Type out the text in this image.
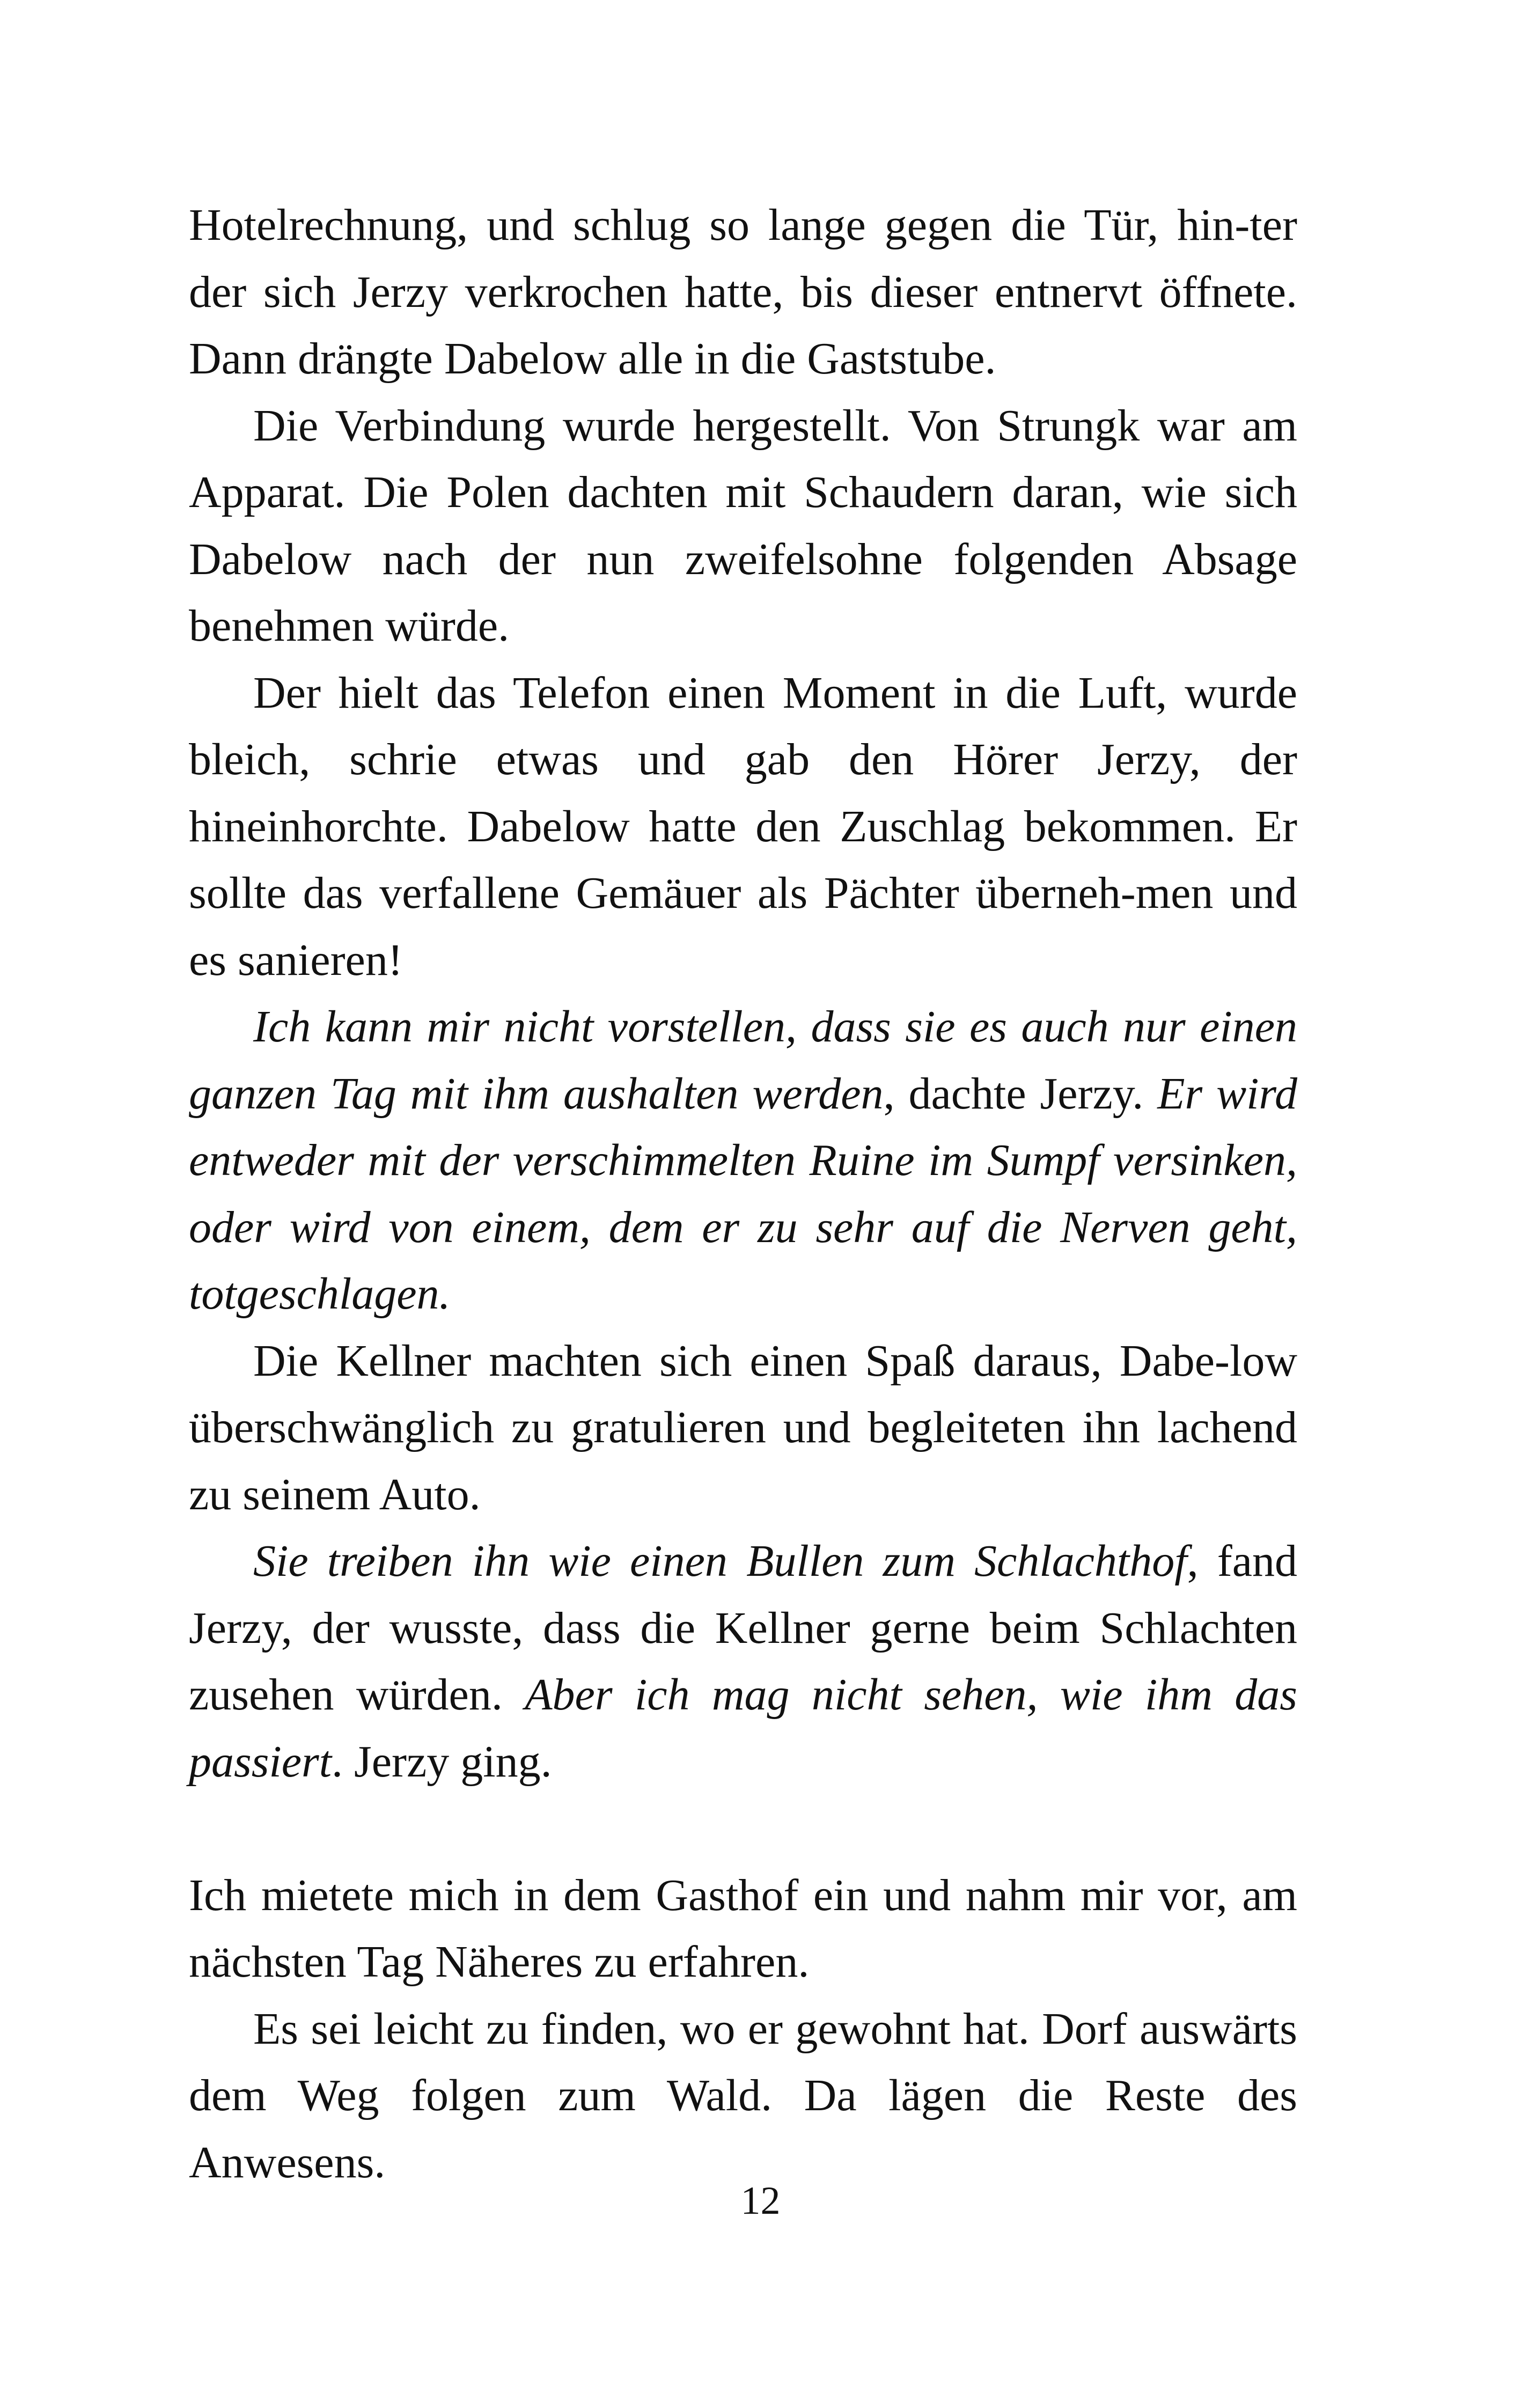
Hotelrechnung, und schlug so lange gegen die Tür, hin-ter der sich Jerzy verkrochen hatte, bis dieser entnervt öffnete. Dann drängte Dabelow alle in die Gaststube.

Die Verbindung wurde hergestellt. Von Strungk war am Apparat. Die Polen dachten mit Schaudern daran, wie sich Dabelow nach der nun zweifelsohne folgenden Absage benehmen würde.

Der hielt das Telefon einen Moment in die Luft, wurde bleich, schrie etwas und gab den Hörer Jerzy, der hineinhorchte. Dabelow hatte den Zuschlag bekommen. Er sollte das verfallene Gemäuer als Pächter überneh-men und es sanieren!

Ich kann mir nicht vorstellen, dass sie es auch nur einen ganzen Tag mit ihm aushalten werden, dachte Jerzy. Er wird entweder mit der verschimmelten Ruine im Sumpf versinken, oder wird von einem, dem er zu sehr auf die Nerven geht, totgeschlagen.

Die Kellner machten sich einen Spaß daraus, Dabe-low überschwänglich zu gratulieren und begleiteten ihn lachend zu seinem Auto.

Sie treiben ihn wie einen Bullen zum Schlachthof, fand Jerzy, der wusste, dass die Kellner gerne beim Schlachten zusehen würden. Aber ich mag nicht sehen, wie ihm das passiert. Jerzy ging.

Ich mietete mich in dem Gasthof ein und nahm mir vor, am nächsten Tag Näheres zu erfahren.

Es sei leicht zu finden, wo er gewohnt hat. Dorf auswärts dem Weg folgen zum Wald. Da lägen die Reste des Anwesens.

12
